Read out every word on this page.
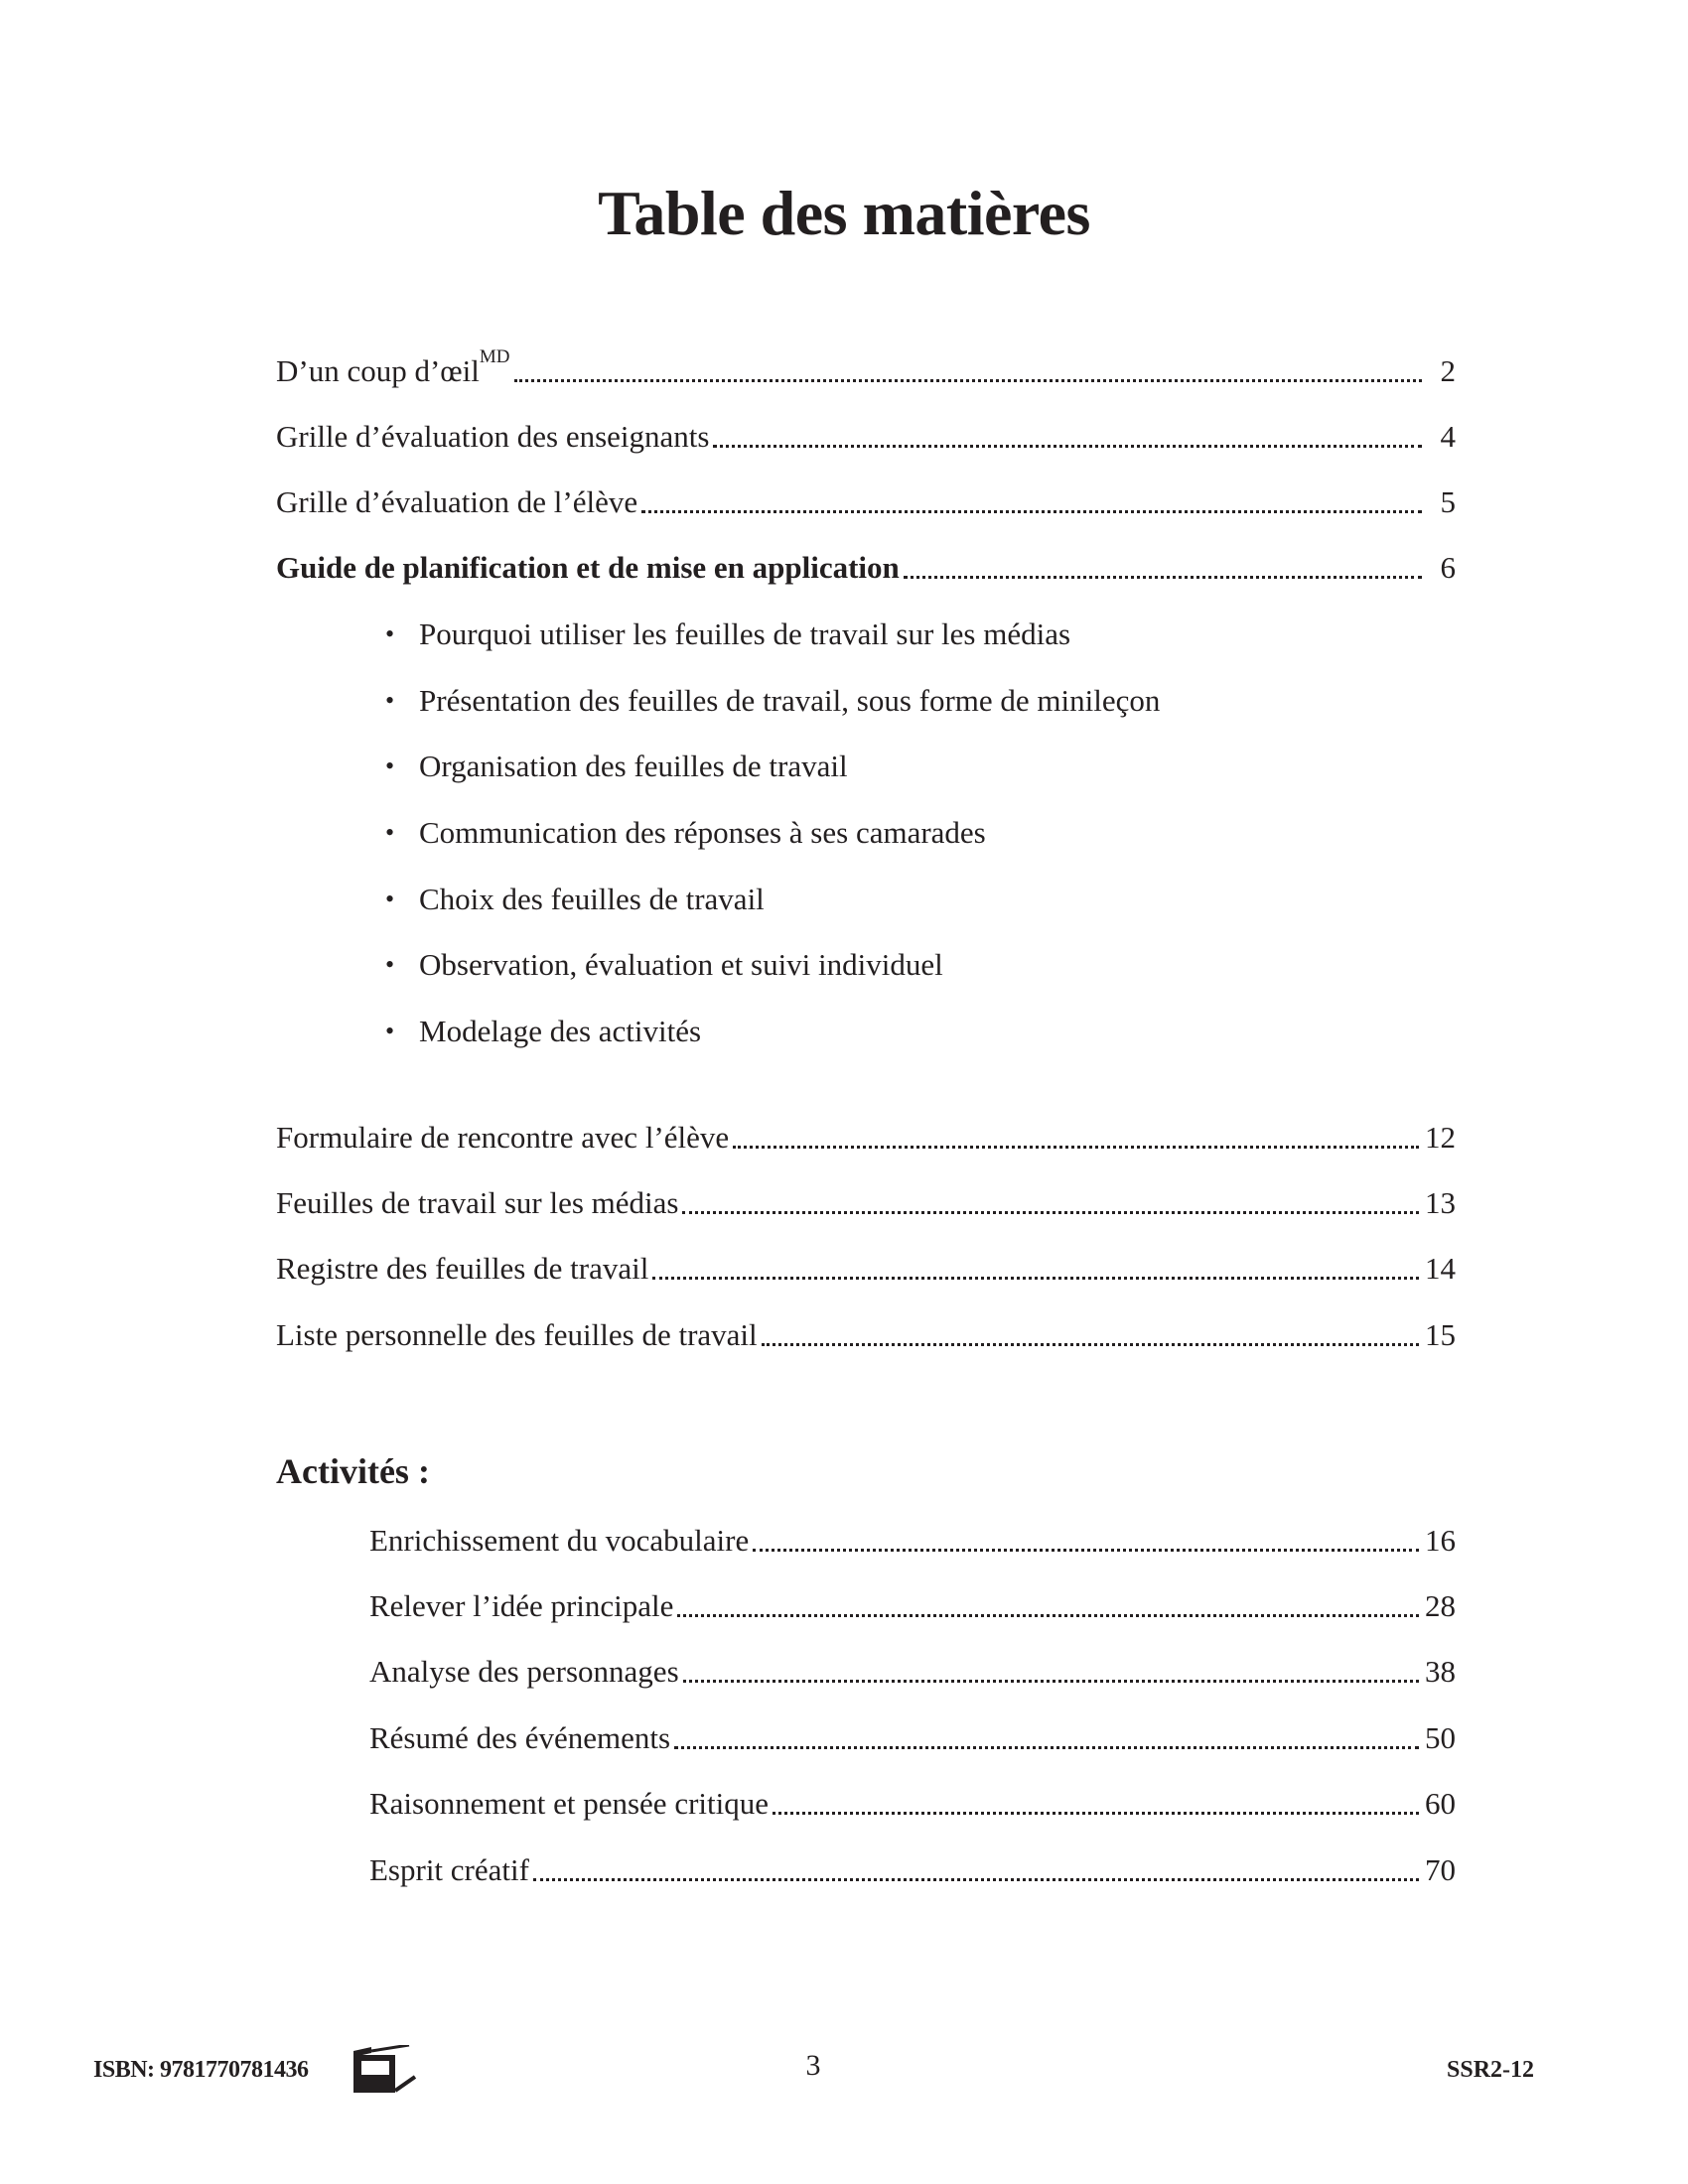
Table des matières
D’un coup d’œil$^{MD}$	2
Grille d’évaluation des enseignants	4
Grille d’évaluation de l’élève	5
Guide de planification et de mise en application	6
• Pourquoi utiliser les feuilles de travail sur les médias
• Présentation des feuilles de travail, sous forme de minileçon
• Organisation des feuilles de travail
• Communication des réponses à ses camarades
• Choix des feuilles de travail
• Observation, évaluation et suivi individuel
• Modelage des activités
Formulaire de rencontre avec l’élève	12
Feuilles de travail sur les médias	13
Registre des feuilles de travail	14
Liste personnelle des feuilles de travail	15
Activités :
Enrichissement du vocabulaire	16
Relever l’idée principale	28
Analyse des personnages	38
Résumé des événements	50
Raisonnement et pensée critique	60
Esprit créatif	70
ISBN: 9781770781436	3	SSR2-12
